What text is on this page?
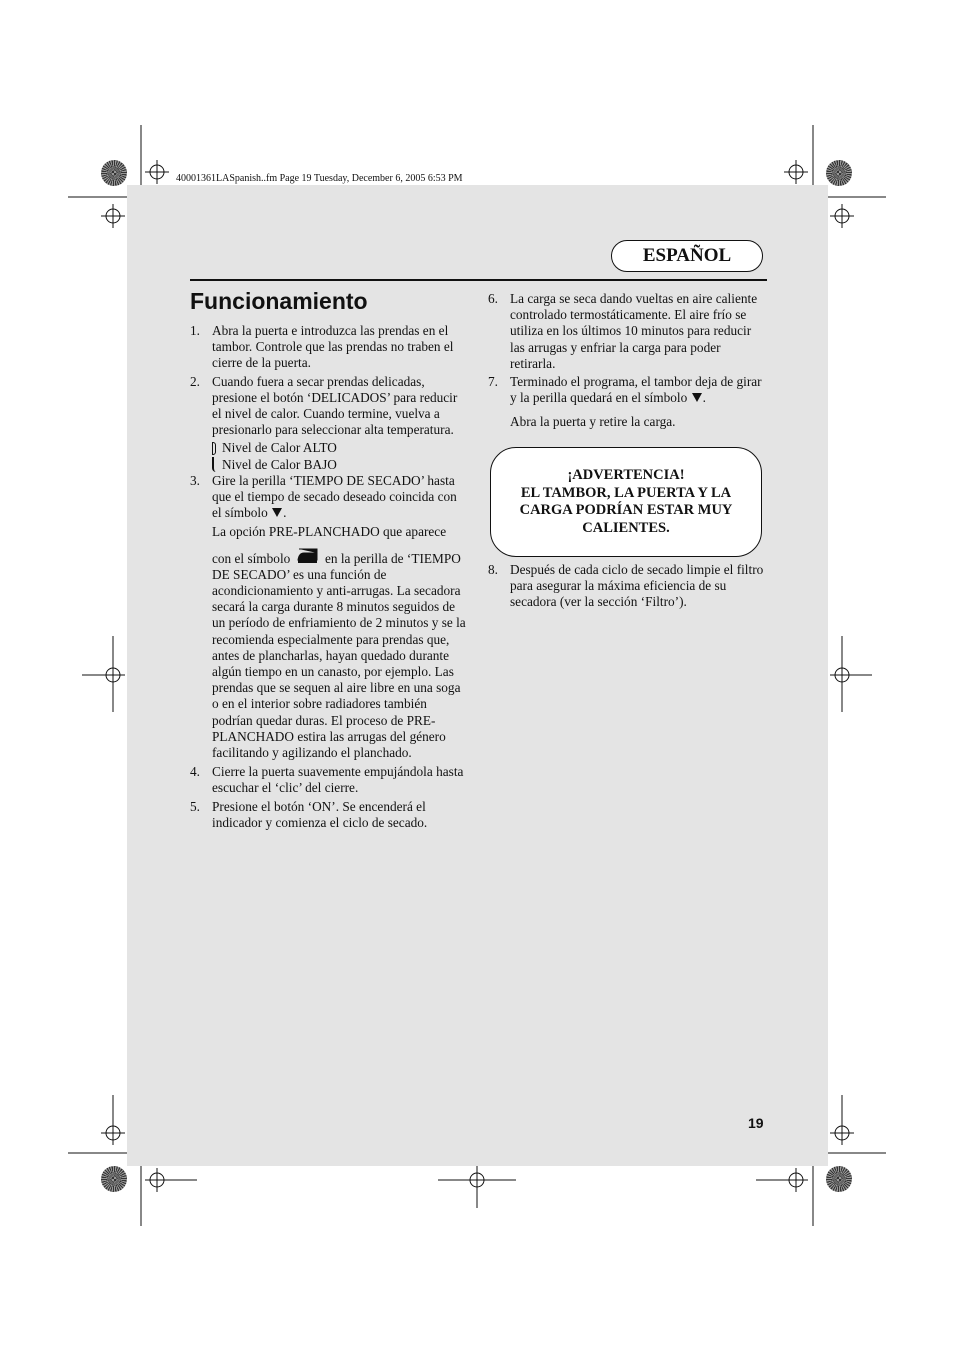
40001361LASpanish..fm Page 19 Tuesday, December 6, 2005 6:53 PM
ESPAÑOL
Funcionamiento
1. Abra la puerta e introduzca las prendas en el tambor. Controle que las prendas no traben el cierre de la puerta.
2. Cuando fuera a secar prendas delicadas, presione el botón ‘DELICADOS’ para reducir el nivel de calor. Cuando termine, vuelva a presionarlo para seleccionar alta temperatura.
Nivel de Calor ALTO
Nivel de Calor BAJO
3. Gire la perilla ‘TIEMPO DE SECADO’ hasta que el tiempo de secado deseado coincida con el símbolo .
La opción PRE-PLANCHADO que aparece
con el símbolo	en la perilla de ‘TIEMPO DE SECADO’ es una función de acondicionamiento y anti-arrugas. La secadora secará la carga durante 8 minutos seguidos de un período de enfriamiento de 2 minutos y se la recomienda especialmente para prendas que, antes de plancharlas, hayan quedado durante algún tiempo en un canasto, por ejemplo. Las prendas que se sequen al aire libre en una soga o en el interior sobre radiadores también podrían quedar duras. El proceso de PRE-PLANCHADO estira las arrugas del género facilitando y agilizando el planchado.
4. Cierre la puerta suavemente empujándola hasta escuchar el ‘clic’ del cierre.
5. Presione el botón ‘ON’. Se encenderá el indicador y comienza el ciclo de secado.
6. La carga se seca dando vueltas en aire caliente controlado termostáticamente. El aire frío se utiliza en los últimos 10 minutos para reducir las arrugas y enfriar la carga para poder retirarla.
7. Terminado el programa, el tambor deja de girar y la perilla quedará en el símbolo .
Abra la puerta y retire la carga.
¡ADVERTENCIA!
EL TAMBOR, LA PUERTA Y LA CARGA PODRÍAN ESTAR MUY CALIENTES.
8. Después de cada ciclo de secado limpie el filtro para asegurar la máxima eficiencia de su secadora (ver la sección ‘Filtro’).
19
